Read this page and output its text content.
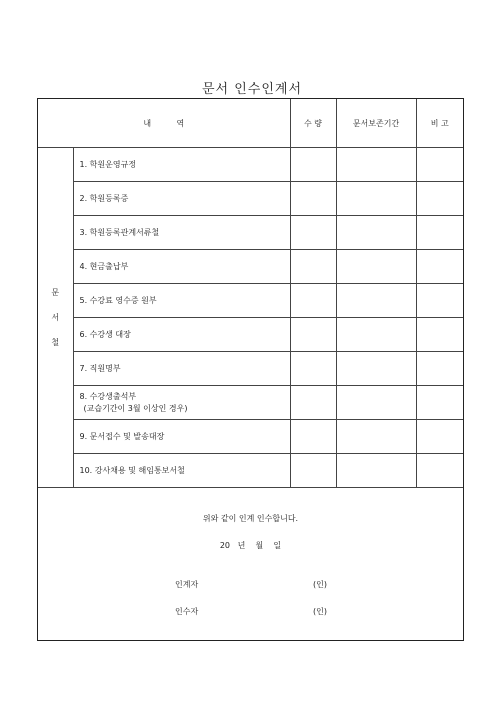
문서 인수인계서
내          역		수 량	문서보존기간	비 고

문
서
철	1. 학원운영규정			
	2. 학원등록증			
	3. 학원등록관계서류철			
	4. 현금출납부			
	5. 수강료 영수증 원부			
	6. 수강생 대장			
	7. 직원명부			

	8. 수강생출석부
(교습기간이 3월 이상인 경우)			

	9. 문서접수 및 발송대장			
	10. 강사채용 및 해임통보서철			
위와 같이 인계 인수합니다.
20   년    월    일
인계자	(인)
인수자	(인)
